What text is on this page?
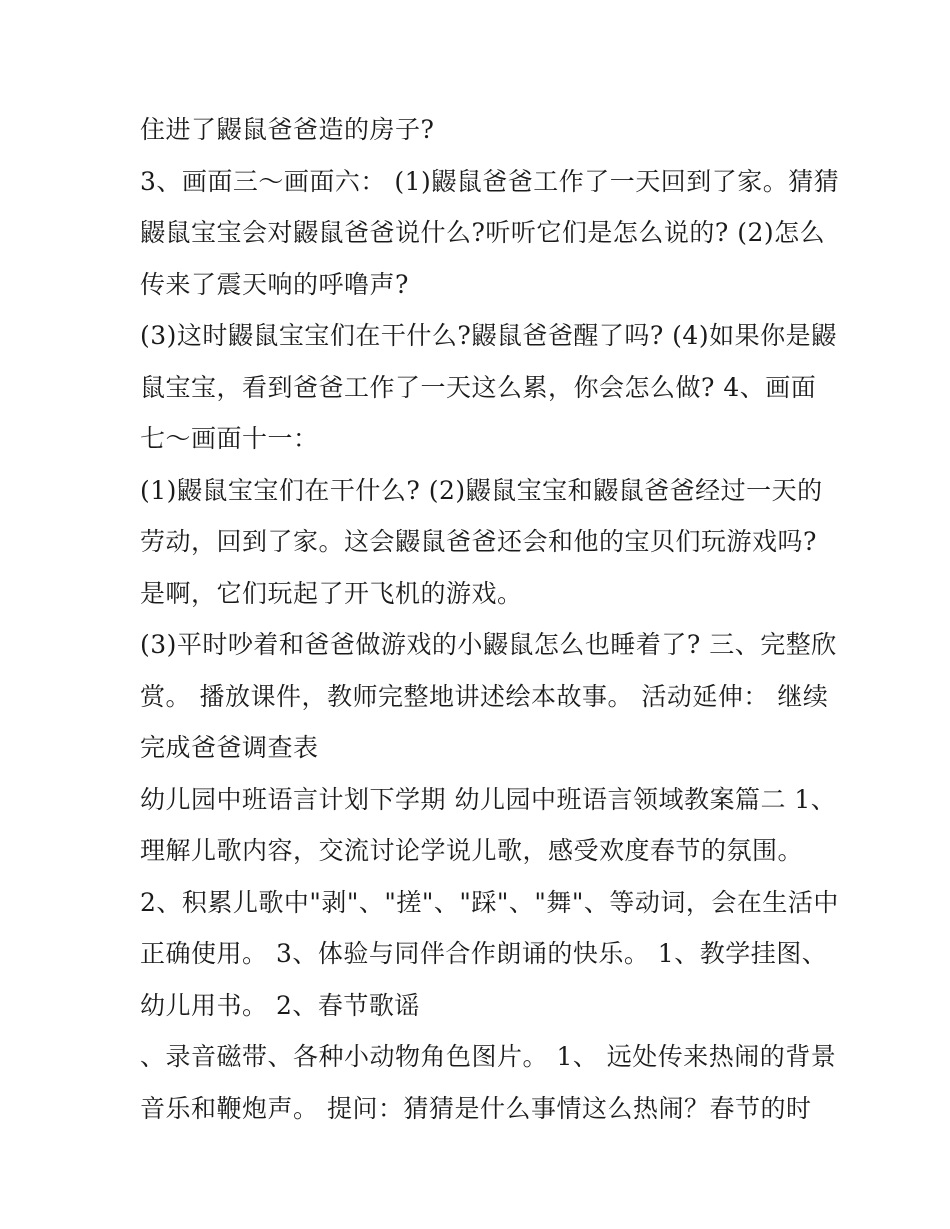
住进了鼹鼠爸爸造的房子?
3、画面三～画面六： (1)鼹鼠爸爸工作了一天回到了家。猜猜
鼹鼠宝宝会对鼹鼠爸爸说什么?听听它们是怎么说的? (2)怎么
传来了震天响的呼噜声?
(3)这时鼹鼠宝宝们在干什么?鼹鼠爸爸醒了吗? (4)如果你是鼹
鼠宝宝，看到爸爸工作了一天这么累，你会怎么做? 4、画面
七～画面十一：
(1)鼹鼠宝宝们在干什么? (2)鼹鼠宝宝和鼹鼠爸爸经过一天的
劳动，回到了家。这会鼹鼠爸爸还会和他的宝贝们玩游戏吗?
是啊，它们玩起了开飞机的游戏。
(3)平时吵着和爸爸做游戏的小鼹鼠怎么也睡着了? 三、完整欣
赏。 播放课件，教师完整地讲述绘本故事。 活动延伸： 继续
完成爸爸调查表
幼儿园中班语言计划下学期 幼儿园中班语言领域教案篇二 1、
理解儿歌内容，交流讨论学说儿歌，感受欢度春节的氛围。
2、积累儿歌中"剥"、"搓"、"踩"、"舞"、等动词，会在生活中
正确使用。 3、体验与同伴合作朗诵的快乐。 1、教学挂图、
幼儿用书。 2、春节歌谣
、录音磁带、各种小动物角色图片。 1、 远处传来热闹的背景
音乐和鞭炮声。 提问：猜猜是什么事情这么热闹？春节的时
